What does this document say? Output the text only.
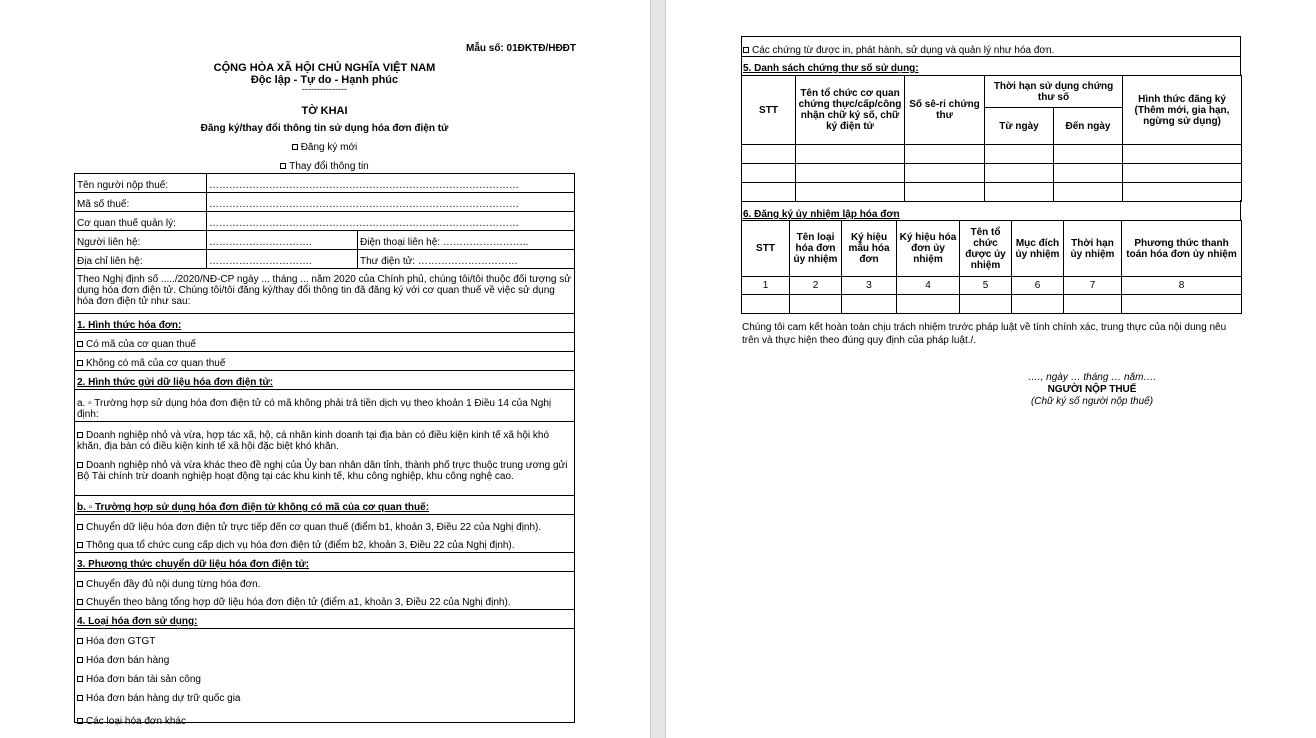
Mẫu số: 01ĐKTĐ/HĐĐT
CỘNG HÒA XÃ HỘI CHỦ NGHĨA VIỆT NAM
Độc lập - Tự do - Hạnh phúc
---------------
TỜ KHAI
Đăng ký/thay đổi thông tin sử dụng hóa đơn điện tử
Đăng ký mới
Thay đổi thông tin
Tên người nộp thuế:	…………………………………………………………………………………
Mã số thuế:	…………………………………………………………………………………
Cơ quan thuế quản lý:	…………………………………………………………………………………
Người liên hệ:	………………………….	Điện thoại liên hệ: ……………………..
Địa chỉ liên hệ:	………………………….	Thư điện tử: …………………………
Theo Nghị định số ...../2020/NĐ-CP ngày ... tháng ... năm 2020 của Chính phủ, chúng tôi/tôi thuộc đối tượng sử dụng hóa đơn điện tử. Chúng tôi/tôi đăng ký/thay đổi thông tin đã đăng ký với cơ quan thuế về việc sử dụng hóa đơn điện tử như sau:
1. Hình thức hóa đơn:
Có mã của cơ quan thuế
Không có mã của cơ quan thuế
2. Hình thức gửi dữ liệu hóa đơn điện tử:
a. ▫ Trường hợp sử dụng hóa đơn điện tử có mã không phải trả tiền dịch vụ theo khoản 1 Điều 14 của Nghị định:
Doanh nghiệp nhỏ và vừa, hợp tác xã, hộ, cá nhân kinh doanh tại địa bàn có điều kiện kinh tế xã hội khó khăn, địa bàn có điều kiện kinh tế xã hội đặc biệt khó khăn.
Doanh nghiệp nhỏ và vừa khác theo đề nghị của Ủy ban nhân dân tỉnh, thành phố trực thuộc trung ương gửi Bộ Tài chính trừ doanh nghiệp hoạt động tại các khu kinh tế, khu công nghiệp, khu công nghệ cao.
b. ▫ Trường hợp sử dụng hóa đơn điện tử không có mã của cơ quan thuế:
Chuyển dữ liệu hóa đơn điện tử trực tiếp đến cơ quan thuế (điểm b1, khoản 3, Điều 22 của Nghị định).
Thông qua tổ chức cung cấp dịch vụ hóa đơn điện tử (điểm b2, khoản 3, Điều 22 của Nghị định).
3. Phương thức chuyển dữ liệu hóa đơn điện tử:
Chuyển đầy đủ nội dung từng hóa đơn.
Chuyển theo bảng tổng hợp dữ liệu hóa đơn điện tử (điểm a1, khoản 3, Điều 22 của Nghị định).
4. Loại hóa đơn sử dụng:
Hóa đơn GTGT
Hóa đơn bán hàng
Hóa đơn bán tài sản công
Hóa đơn bán hàng dự trữ quốc gia
Các loại hóa đơn khác
Các chứng từ được in, phát hành, sử dụng và quản lý như hóa đơn.
5. Danh sách chứng thư số sử dụng:
STT	Tên tổ chức cơ quan chứng thực/cấp/công nhận chữ ký số, chữ ký điện tử	Số sê-ri chứng thư	Thời hạn sử dụng chứng thư số		Hình thức đăng ký (Thêm mới, gia hạn, ngừng sử dụng)
			Từ ngày	Đến ngày	

6. Đăng ký ủy nhiệm lập hóa đơn
STT	Tên loại hóa đơn ủy nhiệm	Ký hiệu mẫu hóa đơn	Ký hiệu hóa đơn ủy nhiệm	Tên tổ chức được ủy nhiệm	Mục đích ủy nhiệm	Thời hạn ủy nhiệm	Phương thức thanh toán hóa đơn ủy nhiệm
1	2	3	4	5	6	7	8

Chúng tôi cam kết hoàn toàn chịu trách nhiệm trước pháp luật về tính chính xác, trung thực của nội dung nêu trên và thực hiện theo đúng quy định của pháp luật./.
…., ngày … tháng … năm….
NGƯỜI NỘP THUẾ
(Chữ ký số người nộp thuế)
